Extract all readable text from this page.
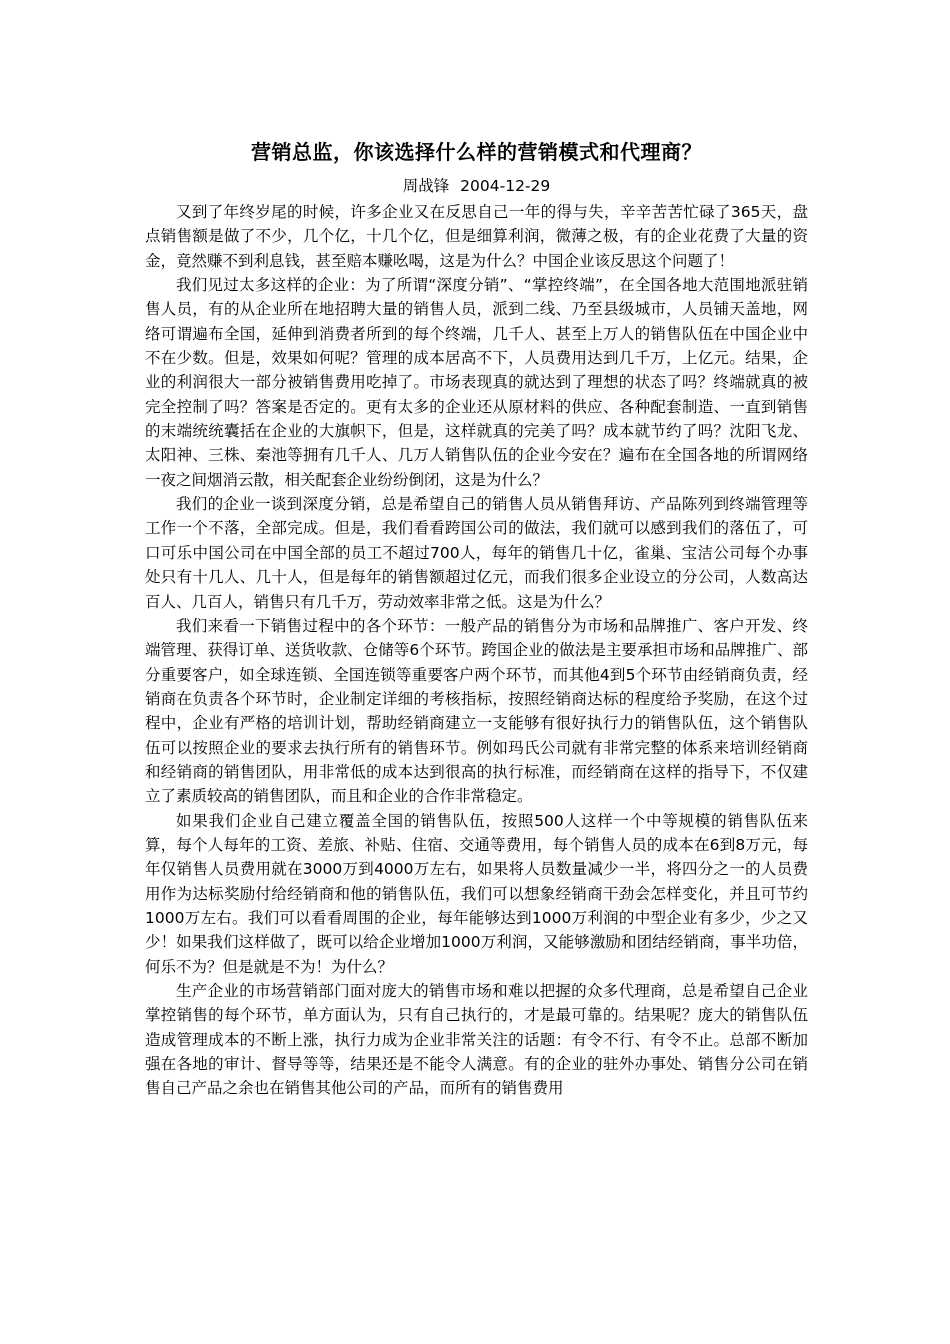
营销总监，你该选择什么样的营销模式和代理商？
周战锋 2004-12-29

又到了年终岁尾的时候，许多企业又在反思自己一年的得与失，辛辛苦苦忙碌了365天，盘点销售额是做了不少，几个亿，十几个亿，但是细算利润，微薄之极，有的企业花费了大量的资金，竟然赚不到利息钱，甚至赔本赚吆喝，这是为什么？中国企业该反思这个问题了！

我们见过太多这样的企业：为了所谓“深度分销”、“掌控终端”，在全国各地大范围地派驻销售人员，有的从企业所在地招聘大量的销售人员，派到二线、乃至县级城市，人员铺天盖地，网络可谓遍布全国，延伸到消费者所到的每个终端，几千人、甚至上万人的销售队伍在中国企业中不在少数。但是，效果如何呢？管理的成本居高不下，人员费用达到几千万，上亿元。结果，企业的利润很大一部分被销售费用吃掉了。市场表现真的就达到了理想的状态了吗？终端就真的被完全控制了吗？答案是否定的。更有太多的企业还从原材料的供应、各种配套制造、一直到销售的末端统统囊括在企业的大旗帜下，但是，这样就真的完美了吗？成本就节约了吗？沈阳飞龙、太阳神、三株、秦池等拥有几千人、几万人销售队伍的企业今安在？遍布在全国各地的所谓网络一夜之间烟消云散，相关配套企业纷纷倒闭，这是为什么？

我们的企业一谈到深度分销，总是希望自己的销售人员从销售拜访、产品陈列到终端管理等工作一个不落，全部完成。但是，我们看看跨国公司的做法，我们就可以感到我们的落伍了，可口可乐中国公司在中国全部的员工不超过700人，每年的销售几十亿，雀巢、宝洁公司每个办事处只有十几人、几十人，但是每年的销售额超过亿元，而我们很多企业设立的分公司，人数高达百人、几百人，销售只有几千万，劳动效率非常之低。这是为什么？

我们来看一下销售过程中的各个环节：一般产品的销售分为市场和品牌推广、客户开发、终端管理、获得订单、送货收款、仓储等6个环节。跨国企业的做法是主要承担市场和品牌推广、部分重要客户，如全球连锁、全国连锁等重要客户两个环节，而其他4到5个环节由经销商负责，经销商在负责各个环节时，企业制定详细的考核指标，按照经销商达标的程度给予奖励，在这个过程中，企业有严格的培训计划，帮助经销商建立一支能够有很好执行力的销售队伍，这个销售队伍可以按照企业的要求去执行所有的销售环节。例如玛氏公司就有非常完整的体系来培训经销商和经销商的销售团队，用非常低的成本达到很高的执行标准，而经销商在这样的指导下，不仅建立了素质较高的销售团队，而且和企业的合作非常稳定。

如果我们企业自己建立覆盖全国的销售队伍，按照500人这样一个中等规模的销售队伍来算，每个人每年的工资、差旅、补贴、住宿、交通等费用，每个销售人员的成本在6到8万元，每年仅销售人员费用就在3000万到4000万左右，如果将人员数量减少一半，将四分之一的人员费用作为达标奖励付给经销商和他的销售队伍，我们可以想象经销商干劲会怎样变化，并且可节约1000万左右。我们可以看看周围的企业，每年能够达到1000万利润的中型企业有多少，少之又少！如果我们这样做了，既可以给企业增加1000万利润，又能够激励和团结经销商，事半功倍，何乐不为？但是就是不为！为什么？

生产企业的市场营销部门面对庞大的销售市场和难以把握的众多代理商，总是希望自己企业掌控销售的每个环节，单方面认为，只有自己执行的，才是最可靠的。结果呢？庞大的销售队伍造成管理成本的不断上涨，执行力成为企业非常关注的话题：有令不行、有令不止。总部不断加强在各地的审计、督导等等，结果还是不能令人满意。有的企业的驻外办事处、销售分公司在销售自己产品之余也在销售其他公司的产品，而所有的销售费用
